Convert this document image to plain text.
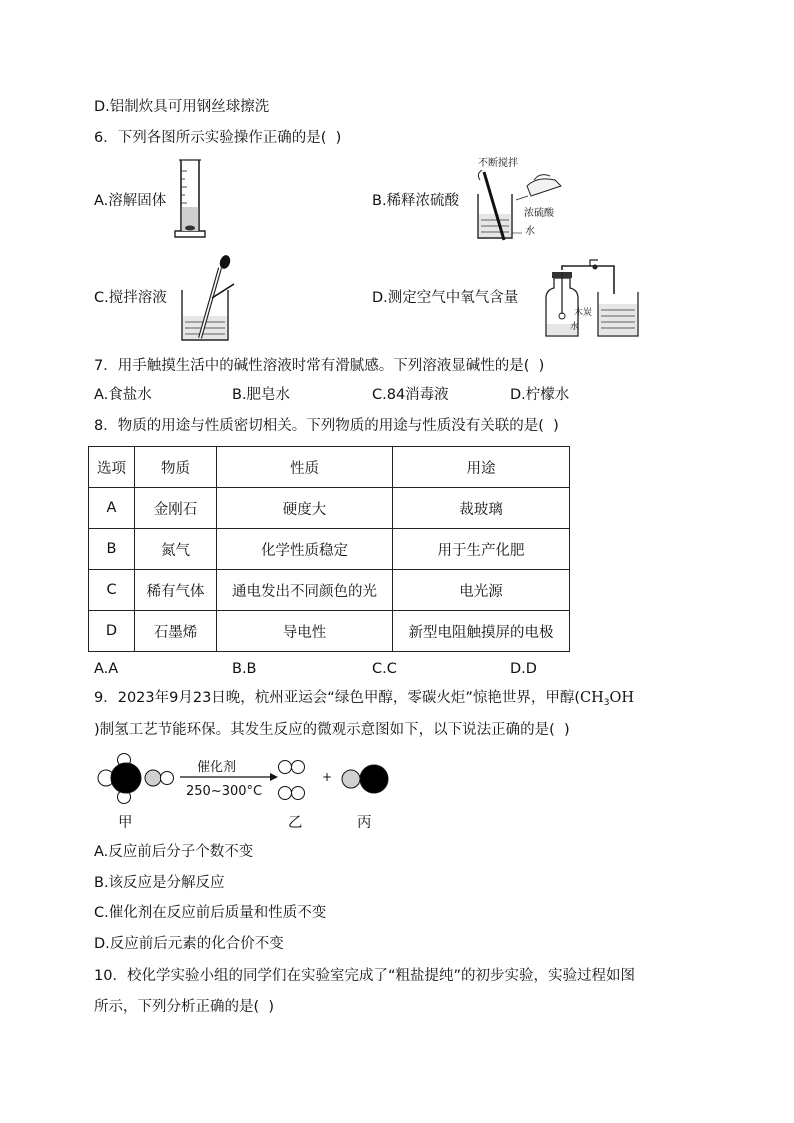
D.铝制炊具可用钢丝球擦洗
6．下列各图所示实验操作正确的是(  )
A.溶解固体	B.稀释浓硫酸
不断搅拌
浓硫酸
水
C.搅拌溶液	D.测定空气中氧气含量
木炭
水
7．用手触摸生活中的碱性溶液时常有滑腻感。下列溶液显碱性的是(  )
A.食盐水	B.肥皂水	C.84消毒液	D.柠檬水
8．物质的用途与性质密切相关。下列物质的用途与性质没有关联的是(  )
选项	物质	性质	用途
A	金刚石	硬度大	裁玻璃
B	氮气	化学性质稳定	用于生产化肥
C	稀有气体	通电发出不同颜色的光	电光源
D	石墨烯	导电性	新型电阻触摸屏的电极
A.A	B.B	C.C	D.D
9．2023年9月23日晚，杭州亚运会“绿色甲醇，零碳火炬”惊艳世界，甲醇($CH_3OH$
)制氢工艺节能环保。其发生反应的微观示意图如下，以下说法正确的是(  )
催化剂
250~300°C
+
甲	乙	丙
A.反应前后分子个数不变
B.该反应是分解反应
C.催化剂在反应前后质量和性质不变
D.反应前后元素的化合价不变
10．校化学实验小组的同学们在实验室完成了“粗盐提纯”的初步实验，实验过程如图
所示，下列分析正确的是(  )
